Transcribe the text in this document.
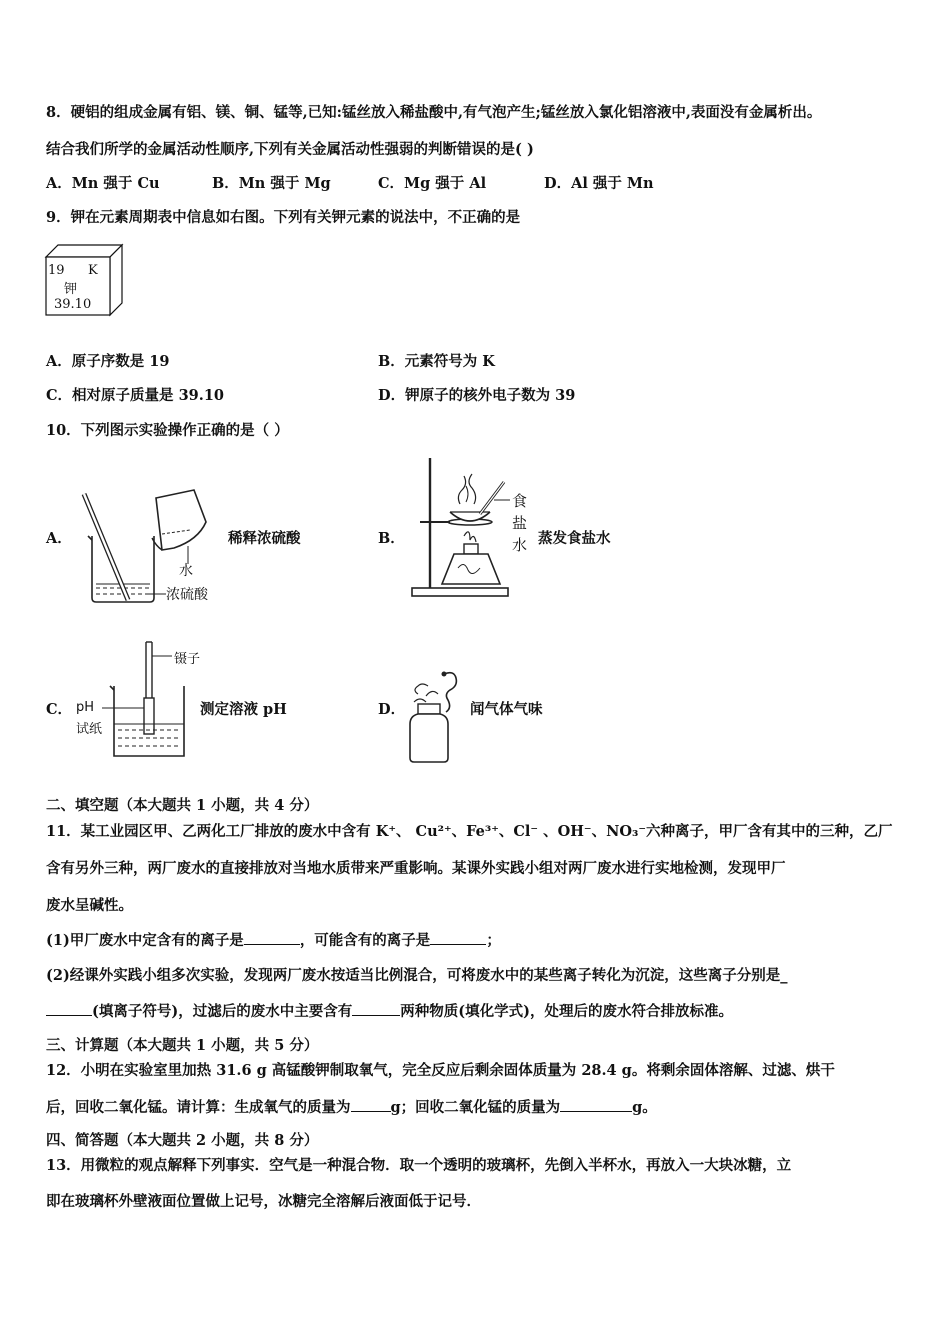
8．硬铝的组成金属有铝、镁、铜、锰等,已知:锰丝放入稀盐酸中,有气泡产生;锰丝放入氯化铝溶液中,表面没有金属析出。
结合我们所学的金属活动性顺序,下列有关金属活动性强弱的判断错误的是( )
A．Mn 强于 Cu	B．Mn 强于 Mg	C．Mg 强于 Al	D．Al 强于 Mn
9．钾在元素周期表中信息如右图。下列有关钾元素的说法中，不正确的是
19 K
钾
39.10
A．原子序数是 19	B．元素符号为 K
C．相对原子质量是 39.10	D．钾原子的核外电子数为 39
10．下列图示实验操作正确的是（ ）
A．
水
浓硫酸
稀释浓硫酸	B．
食
盐
水 蒸发食盐水
C．
镊子
pH
试纸
测定溶液 pH	D．	闻气体气味
二、填空题（本大题共 1 小题，共 4 分）
11．某工业园区甲、乙两化工厂排放的废水中含有 K⁺、 Cu²⁺、Fe³⁺、Cl⁻ 、OH⁻、NO₃⁻六种离子，甲厂含有其中的三种，乙厂
含有另外三种，两厂废水的直接排放对当地水质带来严重影响。某课外实践小组对两厂废水进行实地检测，发现甲厂
废水呈碱性。
(1)甲厂废水中定含有的离子是	，可能含有的离子是	；
(2)经课外实践小组多次实验，发现两厂废水按适当比例混合，可将废水中的某些离子转化为沉淀，这些离子分别是_
(填离子符号)，过滤后的废水中主要含有	两种物质(填化学式)，处理后的废水符合排放标准。
三、计算题（本大题共 1 小题，共 5 分）
12．小明在实验室里加热 31.6 g 高锰酸钾制取氧气，完全反应后剩余固体质量为 28.4 g。将剩余固体溶解、过滤、烘干
后，回收二氧化锰。请计算：生成氧气的质量为	g；回收二氧化锰的质量为	g。
四、简答题（本大题共 2 小题，共 8 分）
13．用微粒的观点解释下列事实．空气是一种混合物．取一个透明的玻璃杯，先倒入半杯水，再放入一大块冰糖，立
即在玻璃杯外壁液面位置做上记号，冰糖完全溶解后液面低于记号．
